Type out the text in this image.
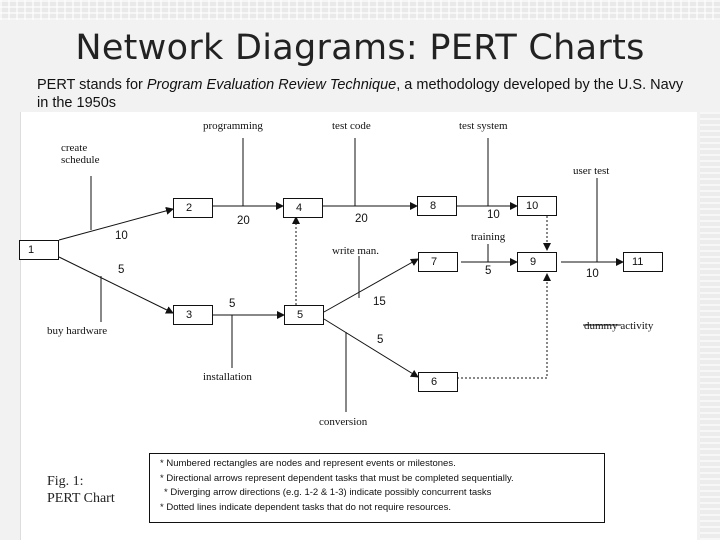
Network Diagrams: PERT Charts
PERT stands for Program Evaluation Review Technique, a methodology developed by the U.S. Navy in the 1950s
programming	test code	test system
create schedule
user test
training
write man.
buy hardware	dummy activity
installation
conversion
10
5
20	20	10
5	15
5
5	10
1
2
3
4
5
6
7
8
9
10
11
Fig. 1:
PERT Chart
* Numbered rectangles are nodes and represent events or milestones.
* Directional arrows represent dependent tasks that must be completed sequentially.
* Diverging arrow directions (e.g. 1-2 & 1-3) indicate possibly concurrent tasks
* Dotted lines indicate dependent tasks that do not require resources.
